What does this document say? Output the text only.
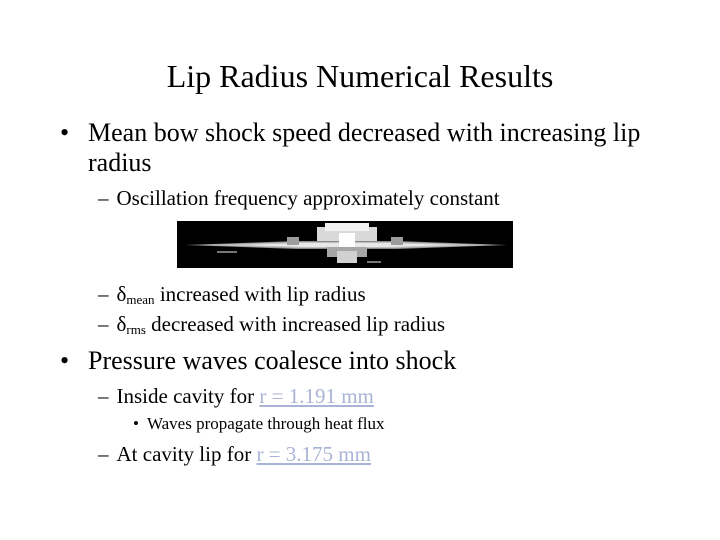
Lip Radius Numerical Results
• Mean bow shock speed decreased with increasing lip radius
– Oscillation frequency approximately constant
– δmean increased with lip radius
– δrms decreased with increased lip radius
• Pressure waves coalesce into shock
– Inside cavity for r = 1.191 mm
• Waves propagate through heat flux
– At cavity lip for r = 3.175 mm
